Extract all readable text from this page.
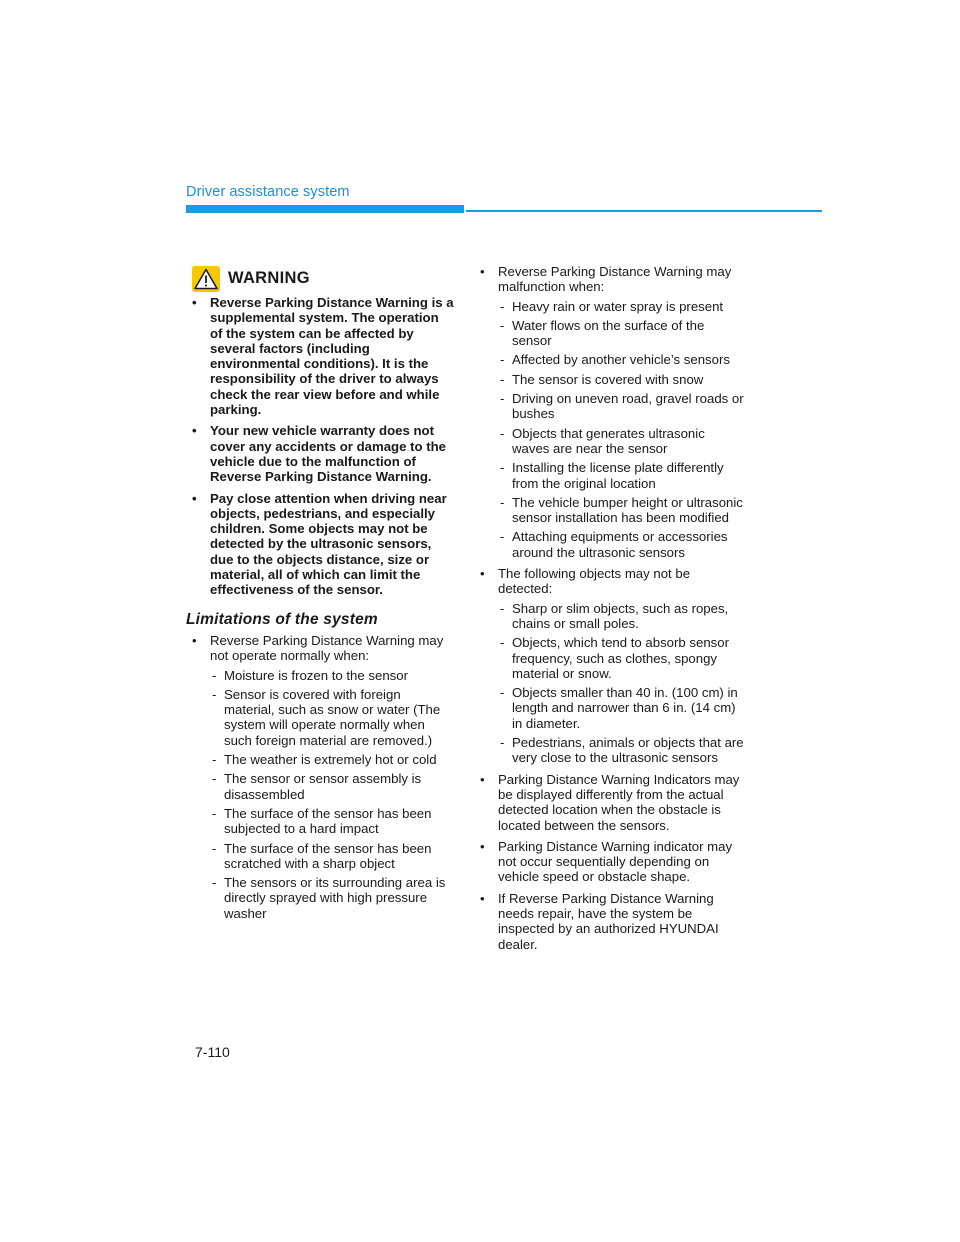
Driver assistance system
WARNING
• Reverse Parking Distance Warning is a supplemental system. The operation of the system can be affected by several factors (including environmental conditions). It is the responsibility of the driver to always check the rear view before and while parking.
• Your new vehicle warranty does not cover any accidents or damage to the vehicle due to the malfunction of Reverse Parking Distance Warning.
• Pay close attention when driving near objects, pedestrians, and especially children. Some objects may not be detected by the ultrasonic sensors, due to the objects distance, size or material, all of which can limit the effectiveness of the sensor.
Limitations of the system
• Reverse Parking Distance Warning may not operate normally when:
- Moisture is frozen to the sensor
- Sensor is covered with foreign material, such as snow or water (The system will operate normally when such foreign material are removed.)
- The weather is extremely hot or cold
- The sensor or sensor assembly is disassembled
- The surface of the sensor has been subjected to a hard impact
- The surface of the sensor has been scratched with a sharp object
- The sensors or its surrounding area is directly sprayed with high pressure washer
• Reverse Parking Distance Warning may malfunction when:
- Heavy rain or water spray is present
- Water flows on the surface of the sensor
- Affected by another vehicle’s sensors
- The sensor is covered with snow
- Driving on uneven road, gravel roads or bushes
- Objects that generates ultrasonic waves are near the sensor
- Installing the license plate differently from the original location
- The vehicle bumper height or ultrasonic sensor installation has been modified
- Attaching equipments or accessories around the ultrasonic sensors
• The following objects may not be detected:
- Sharp or slim objects, such as ropes, chains or small poles.
- Objects, which tend to absorb sensor frequency, such as clothes, spongy material or snow.
- Objects smaller than 40 in. (100 cm) in length and narrower than 6 in. (14 cm) in diameter.
- Pedestrians, animals or objects that are very close to the ultrasonic sensors
• Parking Distance Warning Indicators may be displayed differently from the actual detected location when the obstacle is located between the sensors.
• Parking Distance Warning indicator may not occur sequentially depending on vehicle speed or obstacle shape.
• If Reverse Parking Distance Warning needs repair, have the system be inspected by an authorized HYUNDAI dealer.
7-110
